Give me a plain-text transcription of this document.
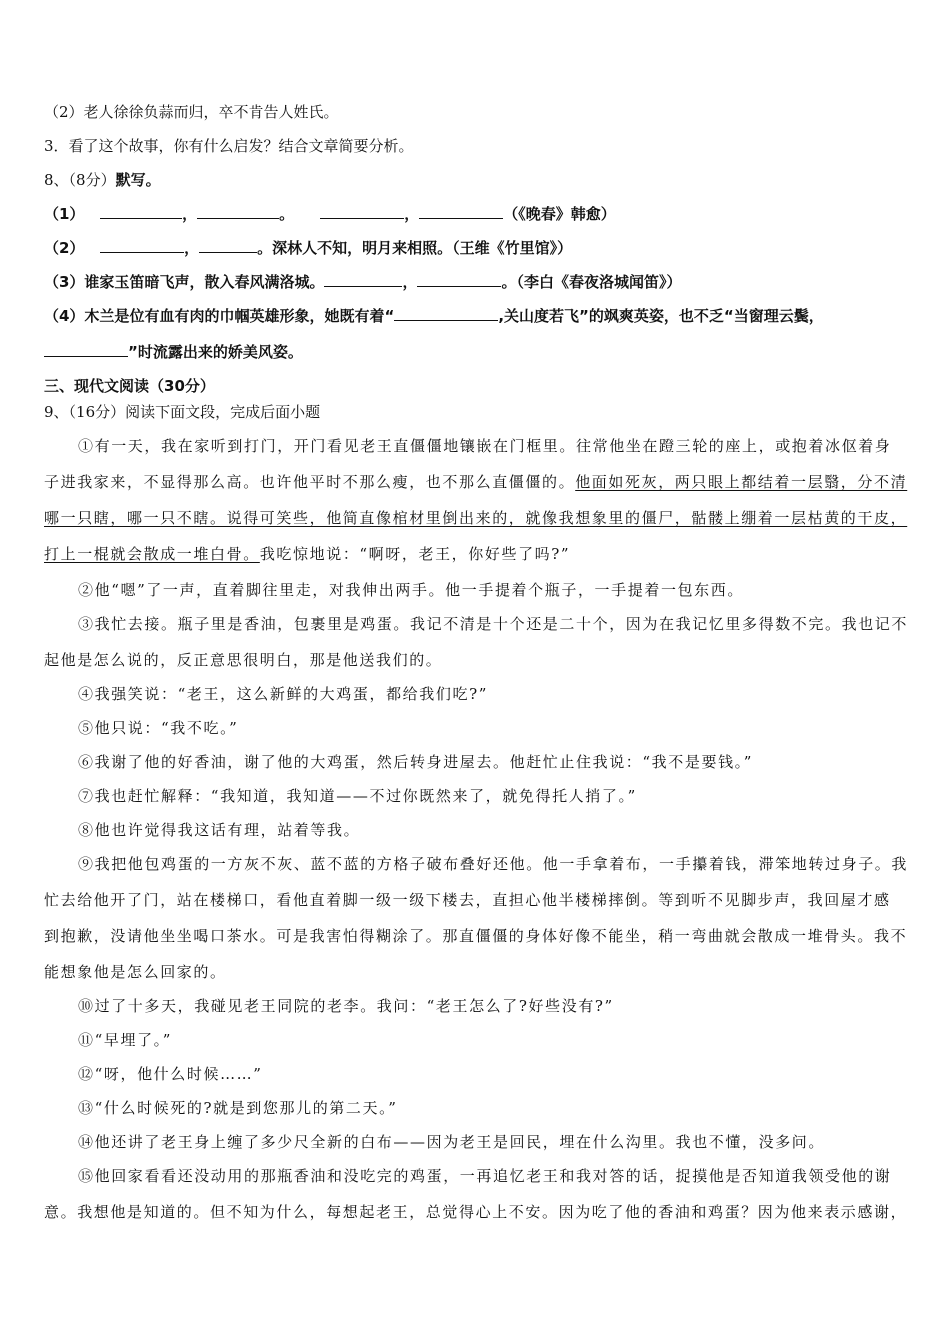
（2）老人徐徐负蒜而归，卒不肯告人姓氏。
3．看了这个故事，你有什么启发？结合文章简要分析。
8、（8分）默写。
（1）	，	。	，	（《晚春》韩愈）
（2）	，	。深林人不知，明月来相照。（王维《竹里馆》）
（3）谁家玉笛暗飞声，散入春风满洛城。	，	。（李白《春夜洛城闻笛》）
（4）木兰是位有血有肉的巾帼英雄形象，她既有着“	,关山度若飞”的飒爽英姿，也不乏“当窗理云鬓，
”时流露出来的娇美风姿。
三、现代文阅读（30分）
9、（16分）阅读下面文段，完成后面小题
①有一天，我在家听到打门，开门看见老王直僵僵地镶嵌在门框里。往常他坐在蹬三轮的座上，或抱着冰伛着身
子进我家来，不显得那么高。也许他平时不那么瘦，也不那么直僵僵的。他面如死灰，两只眼上都结着一层翳，分不清
哪一只瞎，哪一只不瞎。说得可笑些，他简直像棺材里倒出来的，就像我想象里的僵尸，骷髅上绷着一层枯黄的干皮，
打上一棍就会散成一堆白骨。我吃惊地说：“啊呀，老王，你好些了吗?”
②他“嗯”了一声，直着脚往里走，对我伸出两手。他一手提着个瓶子，一手提着一包东西。
③我忙去接。瓶子里是香油，包裹里是鸡蛋。我记不清是十个还是二十个，因为在我记忆里多得数不完。我也记不
起他是怎么说的，反正意思很明白，那是他送我们的。
④我强笑说：“老王，这么新鲜的大鸡蛋，都给我们吃?”
⑤他只说：“我不吃。”
⑥我谢了他的好香油，谢了他的大鸡蛋，然后转身进屋去。他赶忙止住我说：“我不是要钱。”
⑦我也赶忙解释：“我知道，我知道——不过你既然来了，就免得托人捎了。”
⑧他也许觉得我这话有理，站着等我。
⑨我把他包鸡蛋的一方灰不灰、蓝不蓝的方格子破布叠好还他。他一手拿着布，一手攥着钱，滞笨地转过身子。我
忙去给他开了门，站在楼梯口，看他直着脚一级一级下楼去，直担心他半楼梯摔倒。等到听不见脚步声，我回屋才感
到抱歉，没请他坐坐喝口茶水。可是我害怕得糊涂了。那直僵僵的身体好像不能坐，稍一弯曲就会散成一堆骨头。我不
能想象他是怎么回家的。
⑩过了十多天，我碰见老王同院的老李。我问：“老王怎么了?好些没有?”
⑪“早埋了。”
⑫“呀，他什么时候……”
⑬“什么时候死的?就是到您那儿的第二天。”
⑭他还讲了老王身上缠了多少尺全新的白布——因为老王是回民，埋在什么沟里。我也不懂，没多问。
⑮他回家看看还没动用的那瓶香油和没吃完的鸡蛋，一再追忆老王和我对答的话，捉摸他是否知道我领受他的谢
意。我想他是知道的。但不知为什么，每想起老王，总觉得心上不安。因为吃了他的香油和鸡蛋？因为他来表示感谢，
